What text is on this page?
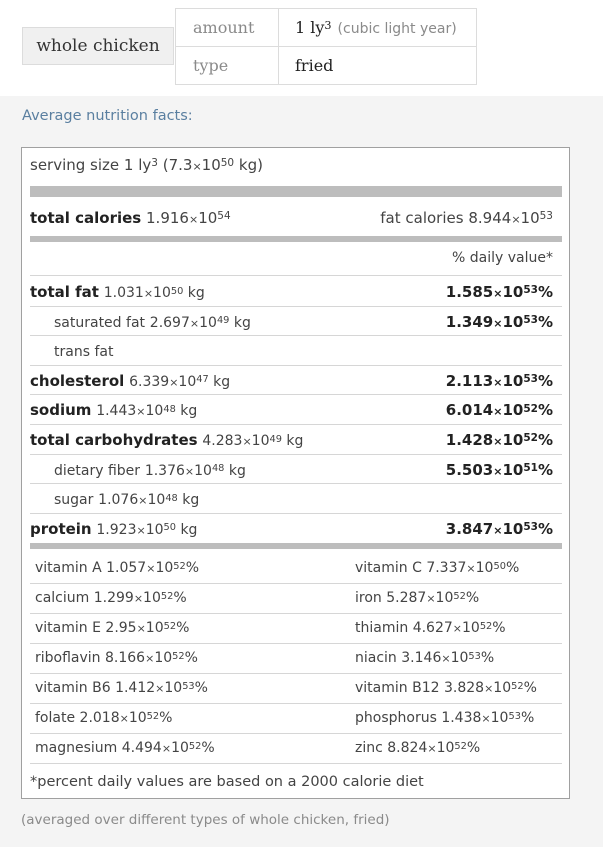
whole chicken
amount	1 $ly^3$ (cubic light year)
type	fried
Average nutrition facts:
serving size 1 $ly^3$ ($7.3\times 10^{50}$ kg)
total calories $1.916\times 10^{54}$	fat calories $8.944\times 10^{53}$
% daily value*
total fat $1.031\times 10^{50}$ kg	$1.585\times 10^{53}\%$
saturated fat $2.697\times 10^{49}$ kg	$1.349\times 10^{53}\%$
trans fat
cholesterol $6.339\times 10^{47}$ kg	$2.113\times 10^{53}\%$
sodium $1.443\times 10^{48}$ kg	$6.014\times 10^{52}\%$
total carbohydrates $4.283\times 10^{49}$ kg	$1.428\times 10^{52}\%$
dietary fiber $1.376\times 10^{48}$ kg	$5.503\times 10^{51}\%$
sugar $1.076\times 10^{48}$ kg
protein $1.923\times 10^{50}$ kg	$3.847\times 10^{53}\%$
vitamin A $1.057\times 10^{52}\%$	vitamin C $7.337\times 10^{50}\%$
calcium $1.299\times 10^{52}\%$	iron $5.287\times 10^{52}\%$
vitamin E $2.95\times 10^{52}\%$	thiamin $4.627\times 10^{52}\%$
riboflavin $8.166\times 10^{52}\%$	niacin $3.146\times 10^{53}\%$
vitamin B6 $1.412\times 10^{53}\%$	vitamin B12 $3.828\times 10^{52}\%$
folate $2.018\times 10^{52}\%$	phosphorus $1.438\times 10^{53}\%$
magnesium $4.494\times 10^{52}\%$	zinc $8.824\times 10^{52}\%$
*percent daily values are based on a 2000 calorie diet
(averaged over different types of whole chicken, fried)
